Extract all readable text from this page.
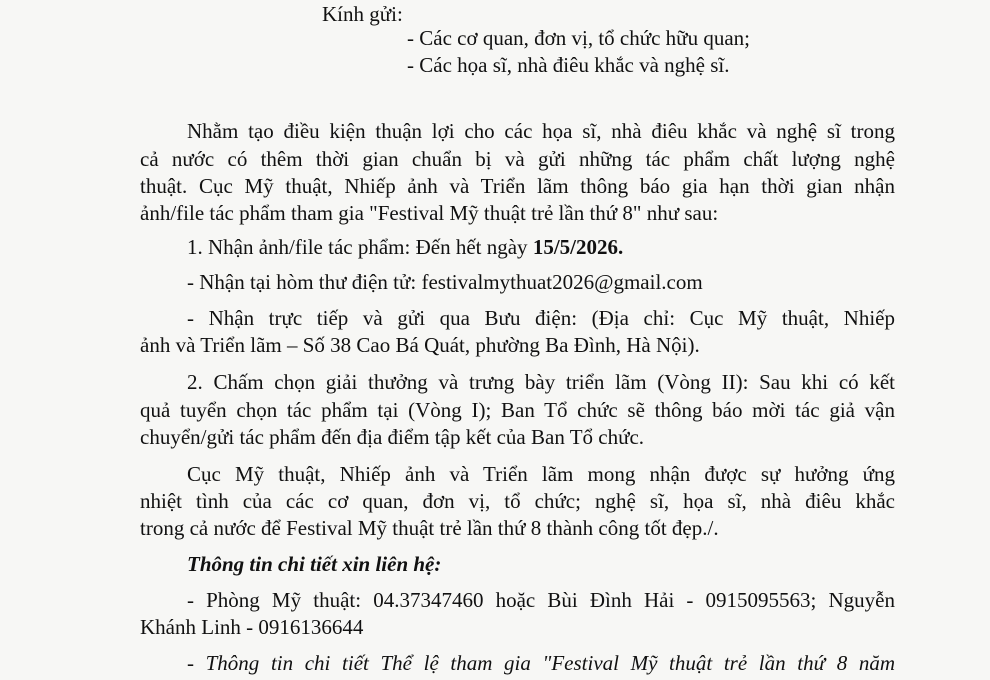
Kính gửi:
- Các cơ quan, đơn vị, tổ chức hữu quan;
- Các họa sĩ, nhà điêu khắc và nghệ sĩ.
Nhằm tạo điều kiện thuận lợi cho các họa sĩ, nhà điêu khắc và nghệ sĩ trong
cả nước có thêm thời gian chuẩn bị và gửi những tác phẩm chất lượng nghệ
thuật. Cục Mỹ thuật, Nhiếp ảnh và Triển lãm thông báo gia hạn thời gian nhận
ảnh/file tác phẩm tham gia "Festival Mỹ thuật trẻ lần thứ 8" như sau:
1. Nhận ảnh/file tác phẩm: Đến hết ngày 15/5/2026.
- Nhận tại hòm thư điện tử: festivalmythuat2026@gmail.com
- Nhận trực tiếp và gửi qua Bưu điện: (Địa chỉ: Cục Mỹ thuật, Nhiếp
ảnh và Triển lãm – Số 38 Cao Bá Quát, phường Ba Đình, Hà Nội).
2. Chấm chọn giải thưởng và trưng bày triển lãm (Vòng II): Sau khi có kết
quả tuyển chọn tác phẩm tại (Vòng I); Ban Tổ chức sẽ thông báo mời tác giả vận
chuyển/gửi tác phẩm đến địa điểm tập kết của Ban Tổ chức.
Cục Mỹ thuật, Nhiếp ảnh và Triển lãm mong nhận được sự hưởng ứng
nhiệt tình của các cơ quan, đơn vị, tổ chức; nghệ sĩ, họa sĩ, nhà điêu khắc
trong cả nước để Festival Mỹ thuật trẻ lần thứ 8 thành công tốt đẹp./.
Thông tin chi tiết xin liên hệ:
- Phòng Mỹ thuật: 04.37347460 hoặc Bùi Đình Hải - 0915095563; Nguyễn
Khánh Linh - 0916136644
- Thông tin chi tiết Thể lệ tham gia "Festival Mỹ thuật trẻ lần thứ 8 năm
